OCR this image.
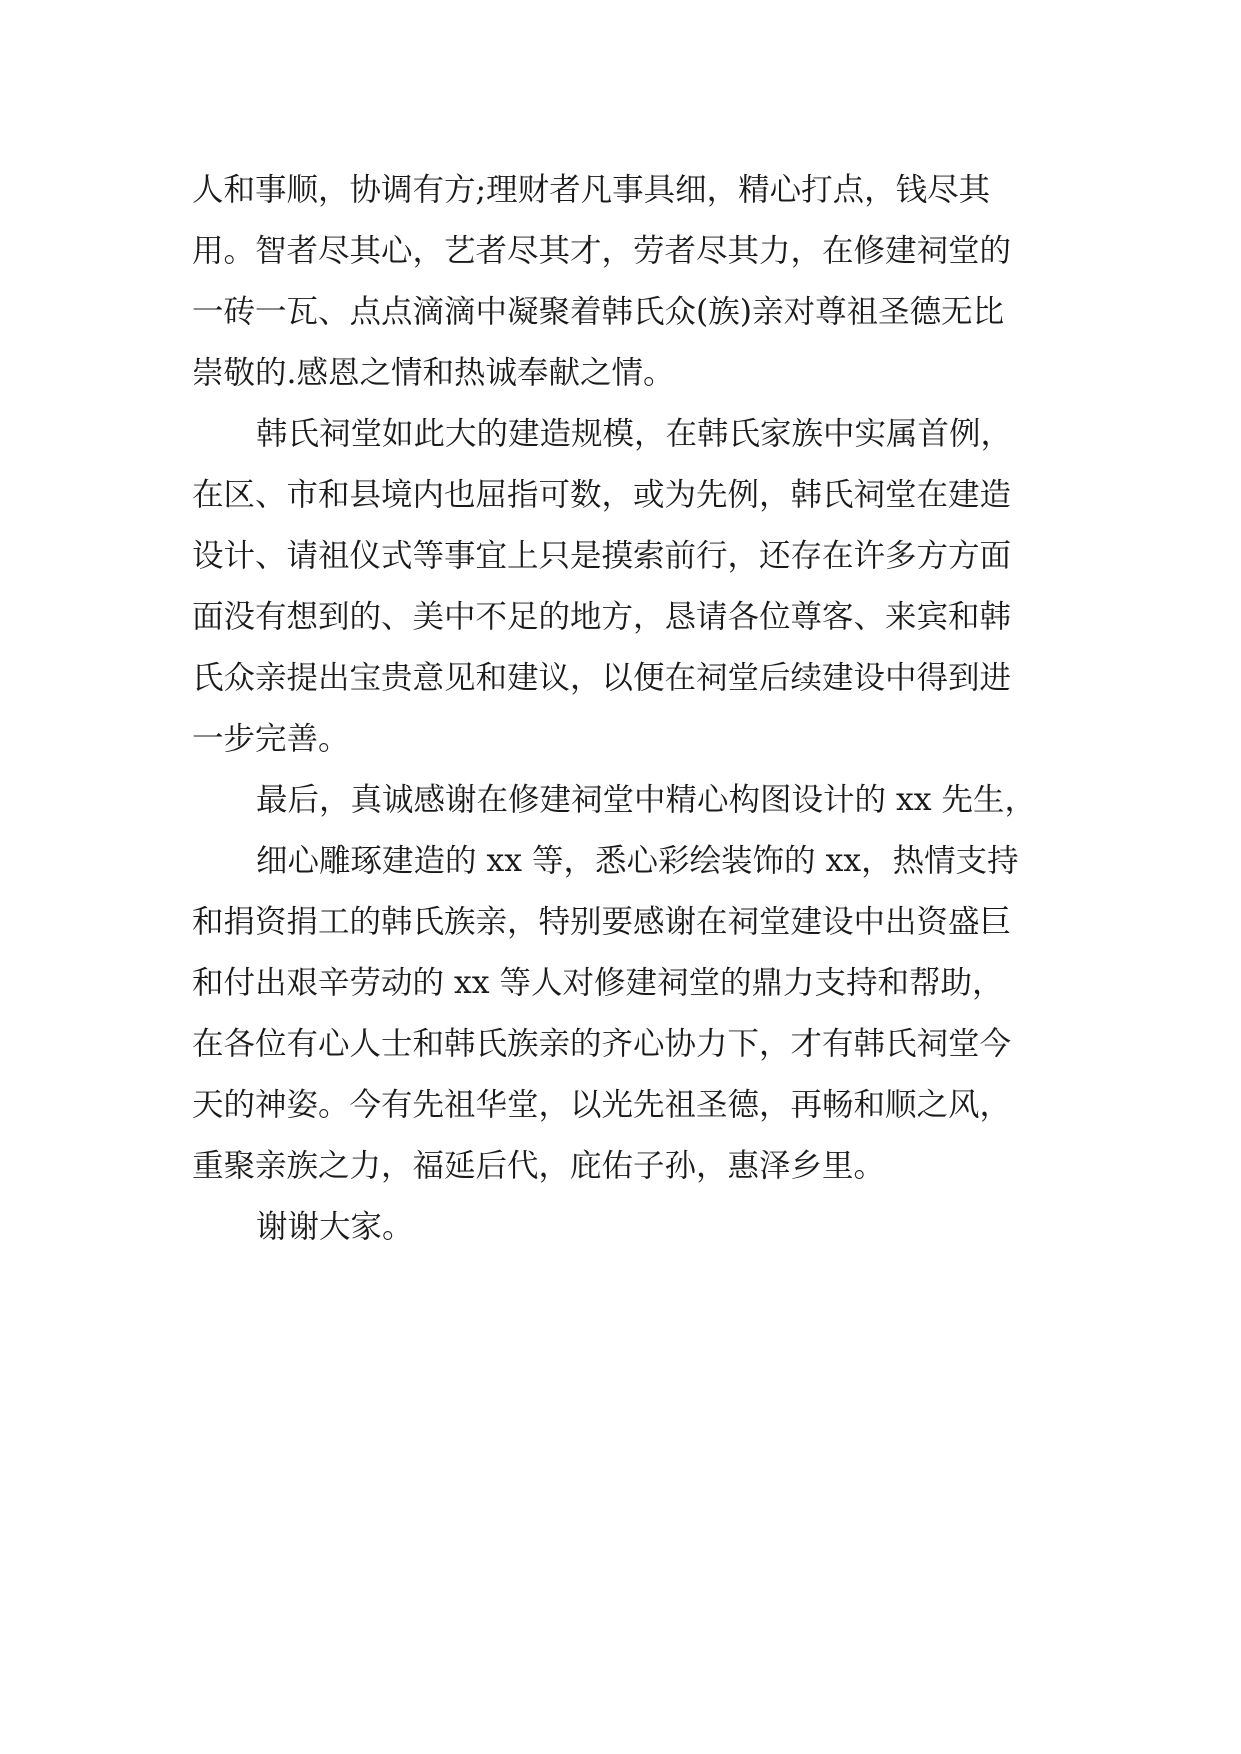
人和事顺，协调有方;理财者凡事具细，精心打点，钱尽其
用。智者尽其心，艺者尽其才，劳者尽其力，在修建祠堂的
一砖一瓦、点点滴滴中凝聚着韩氏众(族)亲对尊祖圣德无比
崇敬的.感恩之情和热诚奉献之情。
韩氏祠堂如此大的建造规模，在韩氏家族中实属首例，
在区、市和县境内也屈指可数，或为先例，韩氏祠堂在建造
设计、请祖仪式等事宜上只是摸索前行，还存在许多方方面
面没有想到的、美中不足的地方，恳请各位尊客、来宾和韩
氏众亲提出宝贵意见和建议，以便在祠堂后续建设中得到进
一步完善。
最后，真诚感谢在修建祠堂中精心构图设计的 xx 先生，
细心雕琢建造的 xx 等，悉心彩绘装饰的 xx，热情支持
和捐资捐工的韩氏族亲，特别要感谢在祠堂建设中出资盛巨
和付出艰辛劳动的 xx 等人对修建祠堂的鼎力支持和帮助，
在各位有心人士和韩氏族亲的齐心协力下，才有韩氏祠堂今
天的神姿。今有先祖华堂，以光先祖圣德，再畅和顺之风，
重聚亲族之力，福延后代，庇佑子孙，惠泽乡里。
谢谢大家。
